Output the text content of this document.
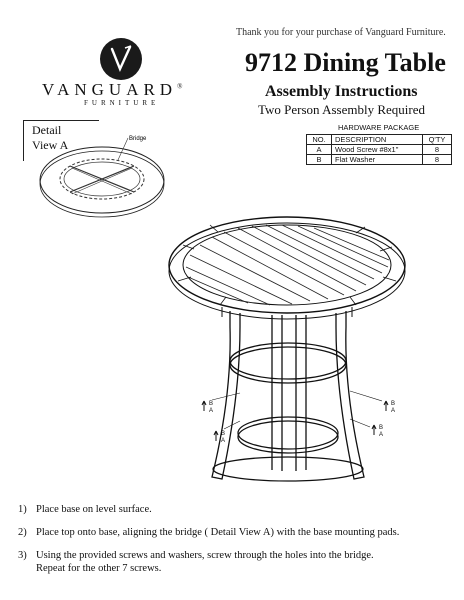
Thank you for your purchase of Vanguard Furniture.
VANGUARD®
FURNITURE
9712 Dining Table
Assembly Instructions
Two Person Assembly Required
HARDWARE PACKAGE
NO.	DESCRIPTION	Q'TY
A	Wood Screw #8x1"	8
B	Flat Washer	8
Detail
View A	Bridge
B
A
B
A
B
A
B
A
1) Place base on level surface.
2) Place top onto base, aligning the bridge ( Detail View A) with the base mounting pads.
3) Using the provided screws and washers, screw through the holes into the bridge.
Repeat for the other 7 screws.
